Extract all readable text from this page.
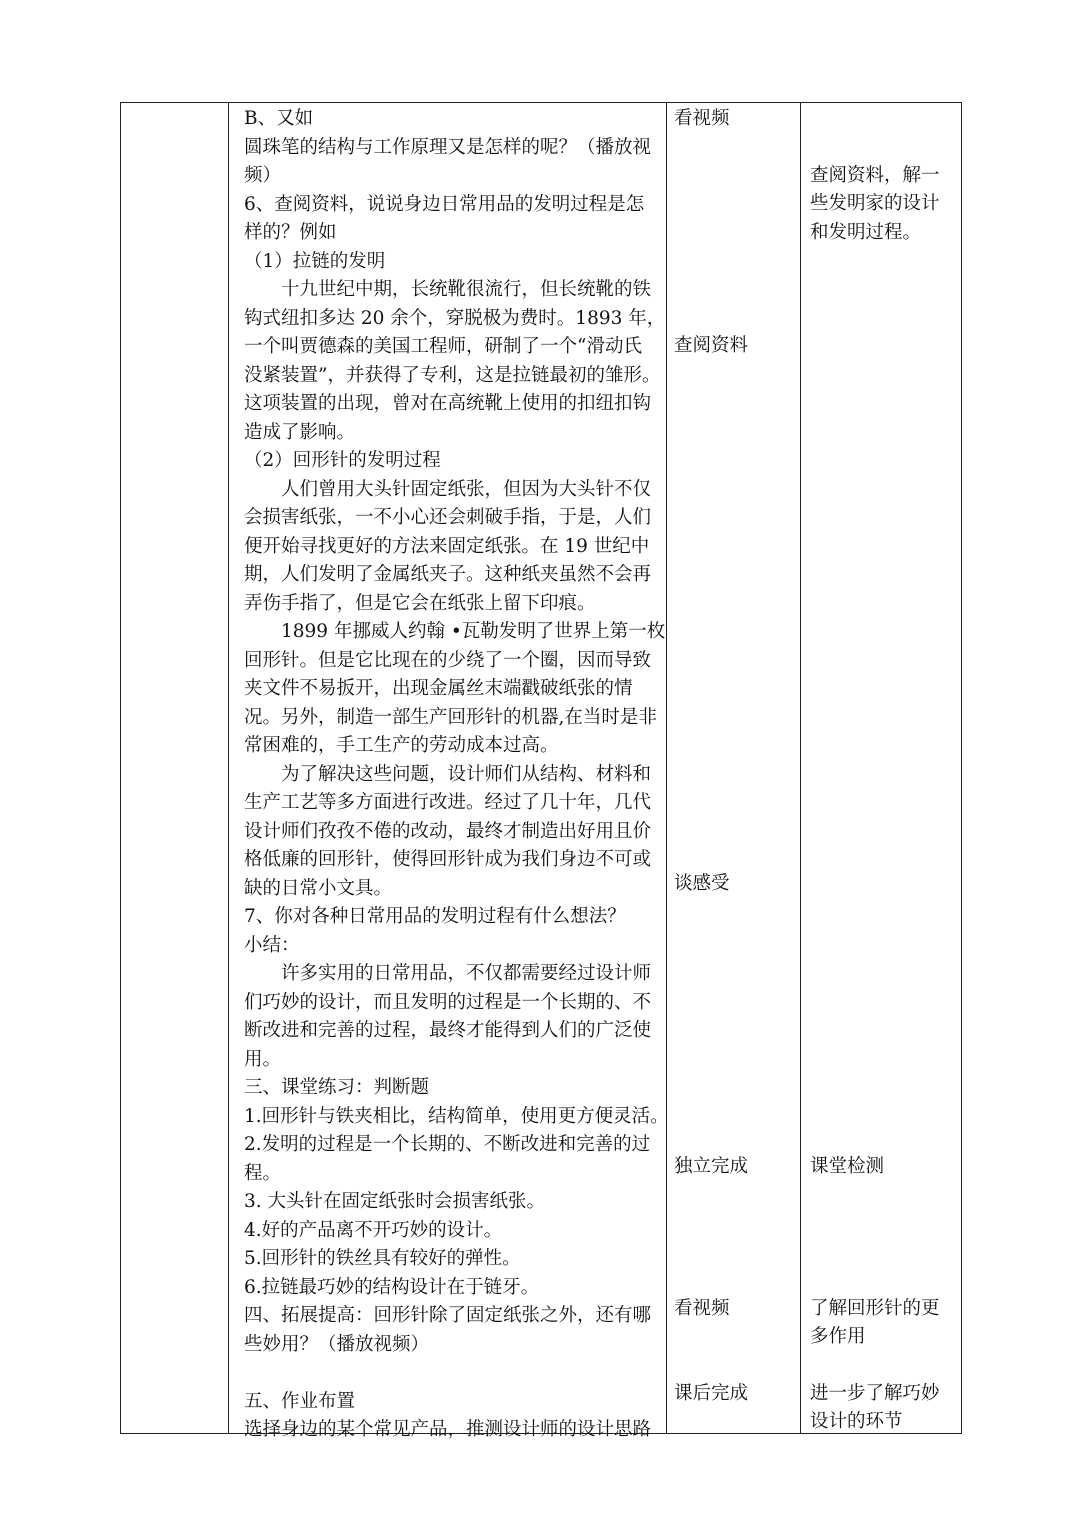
B、又如
圆珠笔的结构与工作原理又是怎样的呢？（播放视
频）
6、查阅资料，说说身边日常用品的发明过程是怎
样的？例如
（1）拉链的发明
十九世纪中期，长统靴很流行，但长统靴的铁
钩式纽扣多达 20 余个，穿脱极为费时。1893 年，
一个叫贾德森的美国工程师，研制了一个“滑动氏
没紧装置”，并获得了专利，这是拉链最初的雏形。
这项装置的出现，曾对在高统靴上使用的扣纽扣钩
造成了影响。
（2）回形针的发明过程
人们曾用大头针固定纸张，但因为大头针不仅
会损害纸张，一不小心还会刺破手指，于是，人们
便开始寻找更好的方法来固定纸张。在 19 世纪中
期，人们发明了金属纸夹子。这种纸夹虽然不会再
弄伤手指了，但是它会在纸张上留下印痕。
1899 年挪威人约翰 •瓦勒发明了世界上第一枚
回形针。但是它比现在的少绕了一个圈，因而导致
夹文件不易扳开，出现金属丝末端戳破纸张的情
况。另外，制造一部生产回形针的机器,在当时是非
常困难的，手工生产的劳动成本过高。
为了解决这些问题，设计师们从结构、材料和
生产工艺等多方面进行改进。经过了几十年，几代
设计师们孜孜不倦的改动，最终才制造出好用且价
格低廉的回形针，使得回形针成为我们身边不可或
缺的日常小文具。
7、你对各种日常用品的发明过程有什么想法？
小结：
许多实用的日常用品，不仅都需要经过设计师
们巧妙的设计，而且发明的过程是一个长期的、不
断改进和完善的过程，最终才能得到人们的广泛使
用。
三、课堂练习：判断题
1.回形针与铁夹相比，结构简单，使用更方便灵活。
2.发明的过程是一个长期的、不断改进和完善的过
程。
3. 大头针在固定纸张时会损害纸张。
4.好的产品离不开巧妙的设计。
5.回形针的铁丝具有较好的弹性。
6.拉链最巧妙的结构设计在于链牙。
四、拓展提高：回形针除了固定纸张之外，还有哪
些妙用？（播放视频）
五、作业布置
选择身边的某个常见产品，推测设计师的设计思路
看视频
查阅资料
谈感受
独立完成
看视频
课后完成
查阅资料，解一
些发明家的设计
和发明过程。
课堂检测
了解回形针的更
多作用
进一步了解巧妙
设计的环节
